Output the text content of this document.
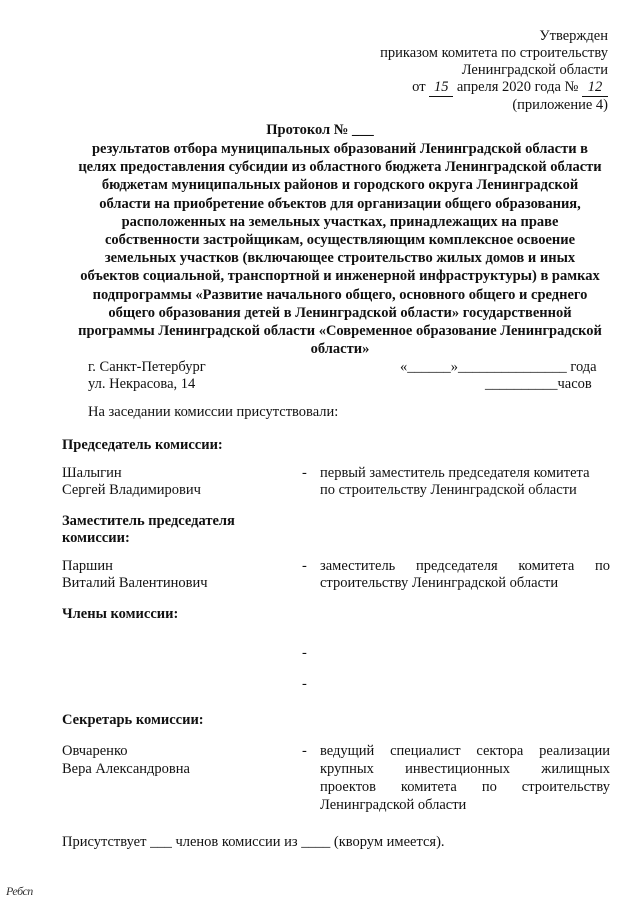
Утвержден
приказом комитета по строительству
Ленинградской области
от 15 апреля 2020 года № 12
(приложение 4)
Протокол № ___
результатов отбора муниципальных образований Ленинградской области в
целях предоставления субсидии из областного бюджета Ленинградской области
бюджетам муниципальных районов и городского округа Ленинградской
области на приобретение объектов для организации общего образования,
расположенных на земельных участках, принадлежащих на праве
собственности застройщикам, осуществляющим комплексное освоение
земельных участков (включающее строительство жилых домов и иных
объектов социальной, транспортной и инженерной инфраструктуры) в рамках
подпрограммы «Развитие начального общего, основного общего и среднего
общего образования детей в Ленинградской области» государственной
программы Ленинградской области «Современное образование Ленинградской
области»
г. Санкт-Петербург
ул. Некрасова, 14
«______»_______________ года
__________часов
На заседании комиссии присутствовали:
Председатель комиссии:
Шалыгин
Сергей Владимирович
- первый заместитель председателя комитета
по строительству Ленинградской области
Заместитель председателя
комиссии:
Паршин
Виталий Валентинович
- заместитель председателя комитета по
строительству Ленинградской области
Члены комиссии:
-
-
Секретарь комиссии:
Овчаренко
Вера Александровна
- ведущий специалист сектора реализации
крупных инвестиционных жилищных
проектов комитета по строительству
Ленинградской области
Присутствует ___ членов комиссии из ____ (кворум имеется).
Ребсп
